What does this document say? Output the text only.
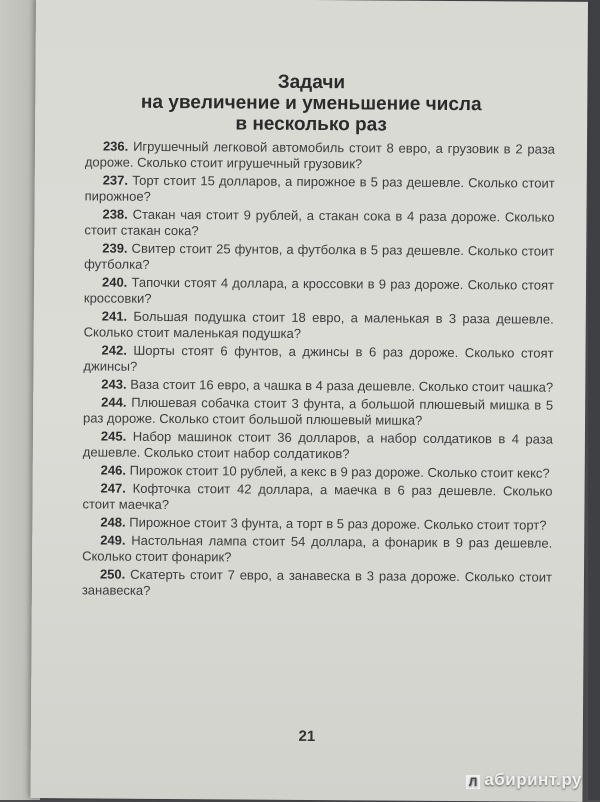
Задачи
на увеличение и уменьшение числа
в несколько раз

236. Игрушечный легковой автомобиль стоит 8 евро, а грузовик в 2 раза дороже. Сколько стоит игрушечный грузовик?

237. Торт стоит 15 долларов, а пирожное в 5 раз дешевле. Сколько стоит пирожное?

238. Стакан чая стоит 9 рублей, а стакан сока в 4 раза дороже. Сколько стоит стакан сока?

239. Свитер стоит 25 фунтов, а футболка в 5 раз дешевле. Сколько стоит футболка?

240. Тапочки стоят 4 доллара, а кроссовки в 9 раз дороже. Сколько стоят кроссовки?

241. Большая подушка стоит 18 евро, а маленькая в 3 раза дешевле. Сколько стоит маленькая подушка?

242. Шорты стоят 6 фунтов, а джинсы в 6 раз дороже. Сколько стоят джинсы?

243. Ваза стоит 16 евро, а чашка в 4 раза дешевле. Сколько стоит чашка?

244. Плюшевая собачка стоит 3 фунта, а большой плюшевый мишка в 5 раз дороже. Сколько стоит большой плюшевый мишка?

245. Набор машинок стоит 36 долларов, а набор солдатиков в 4 раза дешевле. Сколько стоит набор солдатиков?

246. Пирожок стоит 10 рублей, а кекс в 9 раз дороже. Сколько стоит кекс?

247. Кофточка стоит 42 доллара, а маечка в 6 раз дешевле. Сколько стоит маечка?

248. Пирожное стоит 3 фунта, а торт в 5 раз дороже. Сколько стоит торт?

249. Настольная лампа стоит 54 доллара, а фонарик в 9 раз дешевле. Сколько стоит фонарик?

250. Скатерть стоит 7 евро, а занавеска в 3 раза дороже. Сколько стоит занавеска?

21
Л абиринт.ру
